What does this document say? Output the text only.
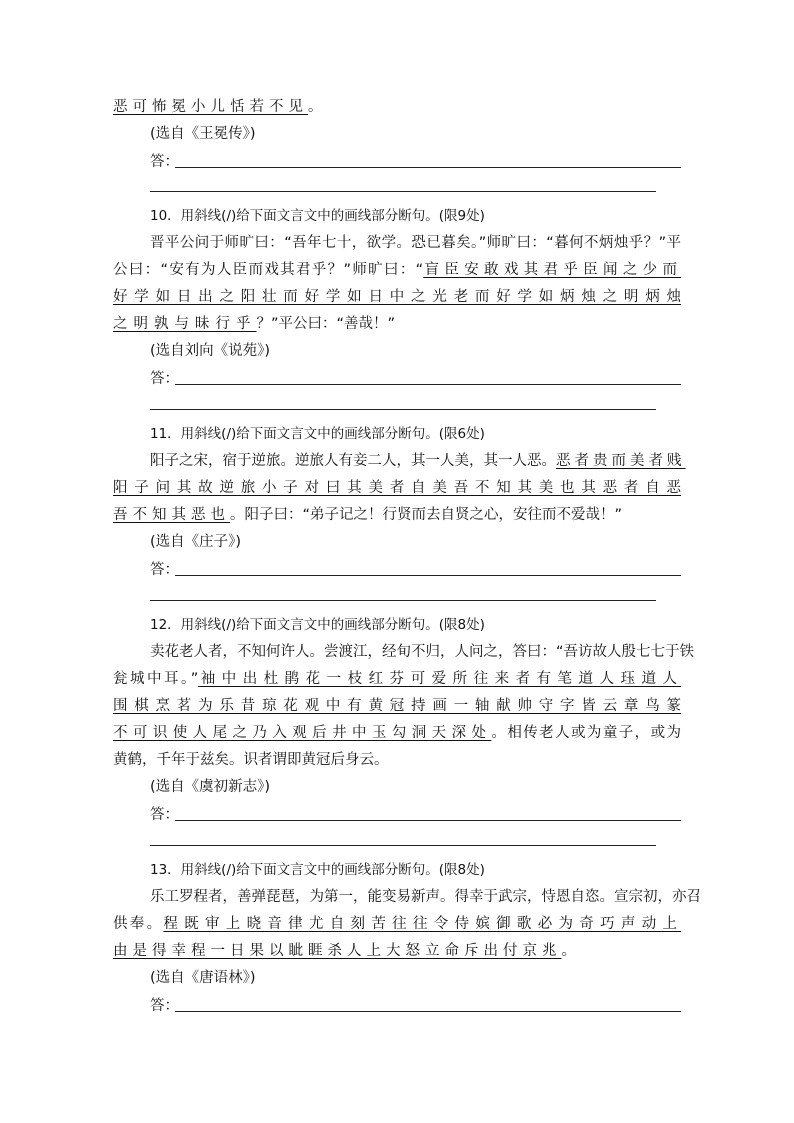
恶可怖冕小儿恬若不见。
(选自《王冕传》)
答：
10．用斜线(/)给下面文言文中的画线部分断句。(限9处)
晋平公问于师旷曰：“吾年七十，欲学。恐已暮矣。”师旷曰：“暮何不炳烛乎？”平
公曰：“安有为人臣而戏其君乎？”师旷曰：“盲臣安敢戏其君乎臣闻之少而
好学如日出之阳壮而好学如日中之光老而好学如炳烛之明炳烛
之明孰与昧行乎？”平公曰：“善哉！”
(选自刘向《说苑》)
答：
11．用斜线(/)给下面文言文中的画线部分断句。(限6处)
阳子之宋，宿于逆旅。逆旅人有妾二人，其一人美，其一人恶。恶者贵而美者贱
阳子问其故逆旅小子对曰其美者自美吾不知其美也其恶者自恶
吾不知其恶也。阳子曰：“弟子记之！行贤而去自贤之心，安往而不爱哉！”
(选自《庄子》)
答：
12．用斜线(/)给下面文言文中的画线部分断句。(限8处)
卖花老人者，不知何许人。尝渡江，经旬不归，人问之，答曰：“吾访故人殷七七于铁
瓮城中耳。”袖中出杜鹃花一枝红芬可爱所往来者有笔道人珏道人
围棋烹茗为乐昔琼花观中有黄冠持画一轴献帅守字皆云章鸟篆
不可识使人尾之乃入观后井中玉勾洞天深处。相传老人或为童子，或为
黄鹤，千年于兹矣。识者谓即黄冠后身云。
(选自《虞初新志》)
答：
13．用斜线(/)给下面文言文中的画线部分断句。(限8处)
乐工罗程者，善弹琵琶，为第一，能变易新声。得幸于武宗，恃恩自恣。宣宗初，亦召
供奉。程既审上晓音律尤自刻苦往往令侍嫔御歌必为奇巧声动上
由是得幸程一日果以眦睚杀人上大怒立命斥出付京兆。
(选自《唐语林》)
答：
